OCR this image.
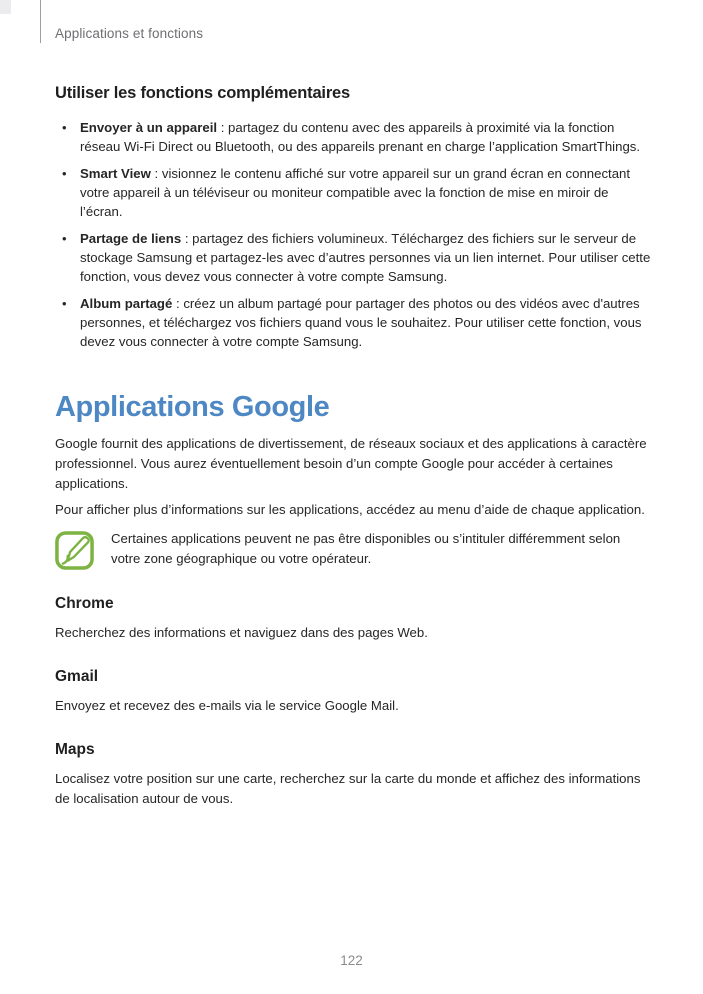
Applications et fonctions
Utiliser les fonctions complémentaires
• Envoyer à un appareil : partagez du contenu avec des appareils à proximité via la fonction réseau Wi-Fi Direct ou Bluetooth, ou des appareils prenant en charge l’application SmartThings.
• Smart View : visionnez le contenu affiché sur votre appareil sur un grand écran en connectant votre appareil à un téléviseur ou moniteur compatible avec la fonction de mise en miroir de l’écran.
• Partage de liens : partagez des fichiers volumineux. Téléchargez des fichiers sur le serveur de stockage Samsung et partagez-les avec d’autres personnes via un lien internet. Pour utiliser cette fonction, vous devez vous connecter à votre compte Samsung.
• Album partagé : créez un album partagé pour partager des photos ou des vidéos avec d'autres personnes, et téléchargez vos fichiers quand vous le souhaitez. Pour utiliser cette fonction, vous devez vous connecter à votre compte Samsung.
Applications Google

Google fournit des applications de divertissement, de réseaux sociaux et des applications à caractère professionnel. Vous aurez éventuellement besoin d’un compte Google pour accéder à certaines applications.

Pour afficher plus d’informations sur les applications, accédez au menu d’aide de chaque application.

Certaines applications peuvent ne pas être disponibles ou s’intituler différemment selon votre zone géographique ou votre opérateur.

Chrome

Recherchez des informations et naviguez dans des pages Web.

Gmail

Envoyez et recevez des e-mails via le service Google Mail.

Maps

Localisez votre position sur une carte, recherchez sur la carte du monde et affichez des informations de localisation autour de vous.

122
